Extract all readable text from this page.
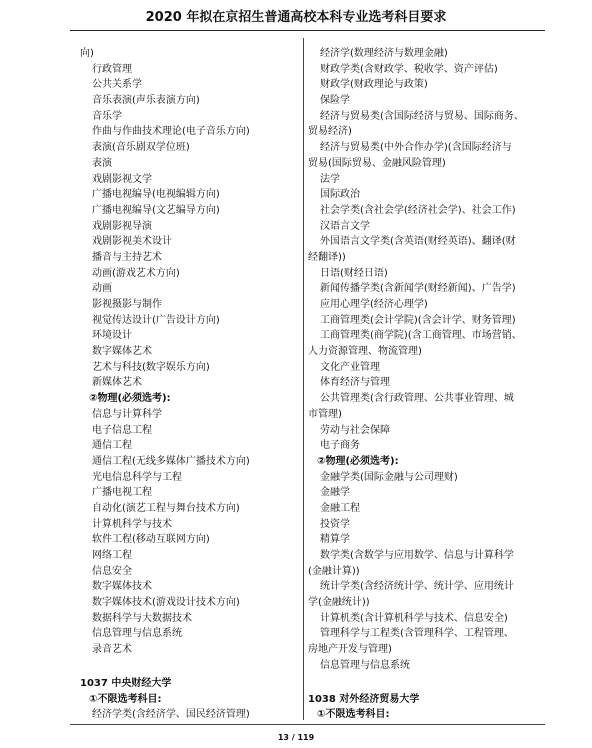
2020 年拟在京招生普通高校本科专业选考科目要求
向)
行政管理
公共关系学
音乐表演(声乐表演方向)
音乐学
作曲与作曲技术理论(电子音乐方向)
表演(音乐剧双学位班)
表演
戏剧影视文学
广播电视编导(电视编辑方向)
广播电视编导(文艺编导方向)
戏剧影视导演
戏剧影视美术设计
播音与主持艺术
动画(游戏艺术方向)
动画
影视摄影与制作
视觉传达设计(广告设计方向)
环境设计
数字媒体艺术
艺术与科技(数字娱乐方向)
新媒体艺术
②物理(必须选考):
信息与计算科学
电子信息工程
通信工程
通信工程(无线多媒体广播技术方向)
光电信息科学与工程
广播电视工程
自动化(演艺工程与舞台技术方向)
计算机科学与技术
软件工程(移动互联网方向)
网络工程
信息安全
数字媒体技术
数字媒体技术(游戏设计技术方向)
数据科学与大数据技术
信息管理与信息系统
录音艺术
1037 中央财经大学
①不限选考科目:
经济学类(含经济学、国民经济管理)
经济学(数理经济与数理金融)
财政学类(含财政学、税收学、资产评估)
财政学(财政理论与政策)
保险学
经济与贸易类(含国际经济与贸易、国际商务、
贸易经济)
经济与贸易类(中外合作办学)(含国际经济与
贸易(国际贸易、金融风险管理)
法学
国际政治
社会学类(含社会学(经济社会学)、社会工作)
汉语言文学
外国语言文学类(含英语(财经英语)、翻译(财
经翻译))
日语(财经日语)
新闻传播学类(含新闻学(财经新闻)、广告学)
应用心理学(经济心理学)
工商管理类(会计学院)(含会计学、财务管理)
工商管理类(商学院)(含工商管理、市场营销、
人力资源管理、物流管理)
文化产业管理
体育经济与管理
公共管理类(含行政管理、公共事业管理、城
市管理)
劳动与社会保障
电子商务
②物理(必须选考):
金融学类(国际金融与公司理财)
金融学
金融工程
投资学
精算学
数学类(含数学与应用数学、信息与计算科学
(金融计算))
统计学类(含经济统计学、统计学、应用统计
学(金融统计))
计算机类(含计算机科学与技术、信息安全)
管理科学与工程类(含管理科学、工程管理、
房地产开发与管理)
信息管理与信息系统
1038 对外经济贸易大学
①不限选考科目:
13 / 119
